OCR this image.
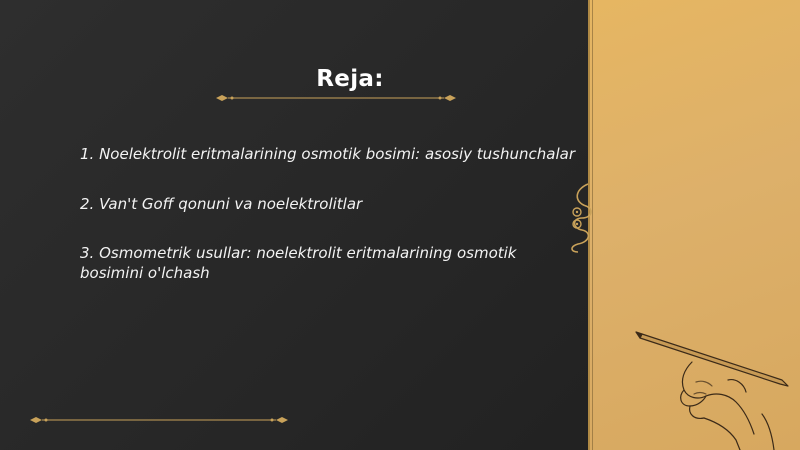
Reja:

1. Noelektrolit eritmalarining osmotik bosimi: asosiy tushunchalar

2. Van't Goff qonuni va noelektrolitlar

3. Osmometrik usullar: noelektrolit eritmalarining osmotik bosimini o'lchash
